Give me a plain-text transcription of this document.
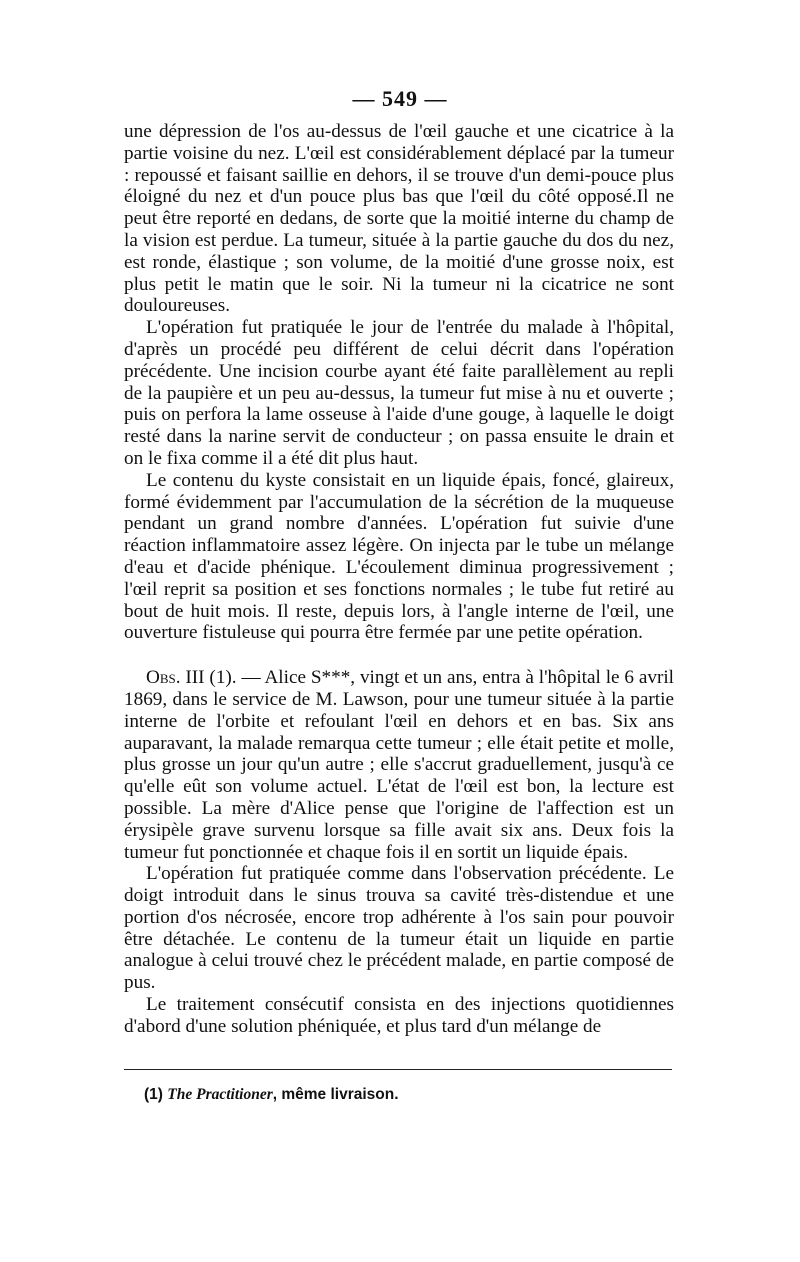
— 549 —

une dépression de l'os au-dessus de l'œil gauche et une cicatrice à la partie voisine du nez. L'œil est considérablement déplacé par la tumeur : repoussé et faisant saillie en dehors, il se trouve d'un demi-pouce plus éloigné du nez et d'un pouce plus bas que l'œil du côté opposé.Il ne peut être reporté en dedans, de sorte que la moitié interne du champ de la vision est perdue. La tumeur, située à la partie gauche du dos du nez, est ronde, élastique ; son volume, de la moitié d'une grosse noix, est plus petit le matin que le soir. Ni la tumeur ni la cicatrice ne sont douloureuses.

L'opération fut pratiquée le jour de l'entrée du malade à l'hôpital, d'après un procédé peu différent de celui décrit dans l'opération précédente. Une incision courbe ayant été faite parallèlement au repli de la paupière et un peu au-dessus, la tumeur fut mise à nu et ouverte ; puis on perfora la lame osseuse à l'aide d'une gouge, à laquelle le doigt resté dans la narine servit de conducteur ; on passa ensuite le drain et on le fixa comme il a été dit plus haut.

Le contenu du kyste consistait en un liquide épais, foncé, glaireux, formé évidemment par l'accumulation de la sécrétion de la muqueuse pendant un grand nombre d'années. L'opération fut suivie d'une réaction inflammatoire assez légère. On injecta par le tube un mélange d'eau et d'acide phénique. L'écoulement diminua progressivement ; l'œil reprit sa position et ses fonctions normales ; le tube fut retiré au bout de huit mois. Il reste, depuis lors, à l'angle interne de l'œil, une ouverture fistuleuse qui pourra être fermée par une petite opération.

Obs. III (1). — Alice S***, vingt et un ans, entra à l'hôpital le 6 avril 1869, dans le service de M. Lawson, pour une tumeur située à la partie interne de l'orbite et refoulant l'œil en dehors et en bas. Six ans auparavant, la malade remarqua cette tumeur ; elle était petite et molle, plus grosse un jour qu'un autre ; elle s'accrut graduellement, jusqu'à ce qu'elle eût son volume actuel. L'état de l'œil est bon, la lecture est possible. La mère d'Alice pense que l'origine de l'affection est un érysipèle grave survenu lorsque sa fille avait six ans. Deux fois la tumeur fut ponctionnée et chaque fois il en sortit un liquide épais.

L'opération fut pratiquée comme dans l'observation précédente. Le doigt introduit dans le sinus trouva sa cavité très-distendue et une portion d'os nécrosée, encore trop adhérente à l'os sain pour pouvoir être détachée. Le contenu de la tumeur était un liquide en partie analogue à celui trouvé chez le précédent malade, en partie composé de pus.

Le traitement consécutif consista en des injections quotidiennes d'abord d'une solution phéniquée, et plus tard d'un mélange de

(1) The Practitioner, même livraison.
